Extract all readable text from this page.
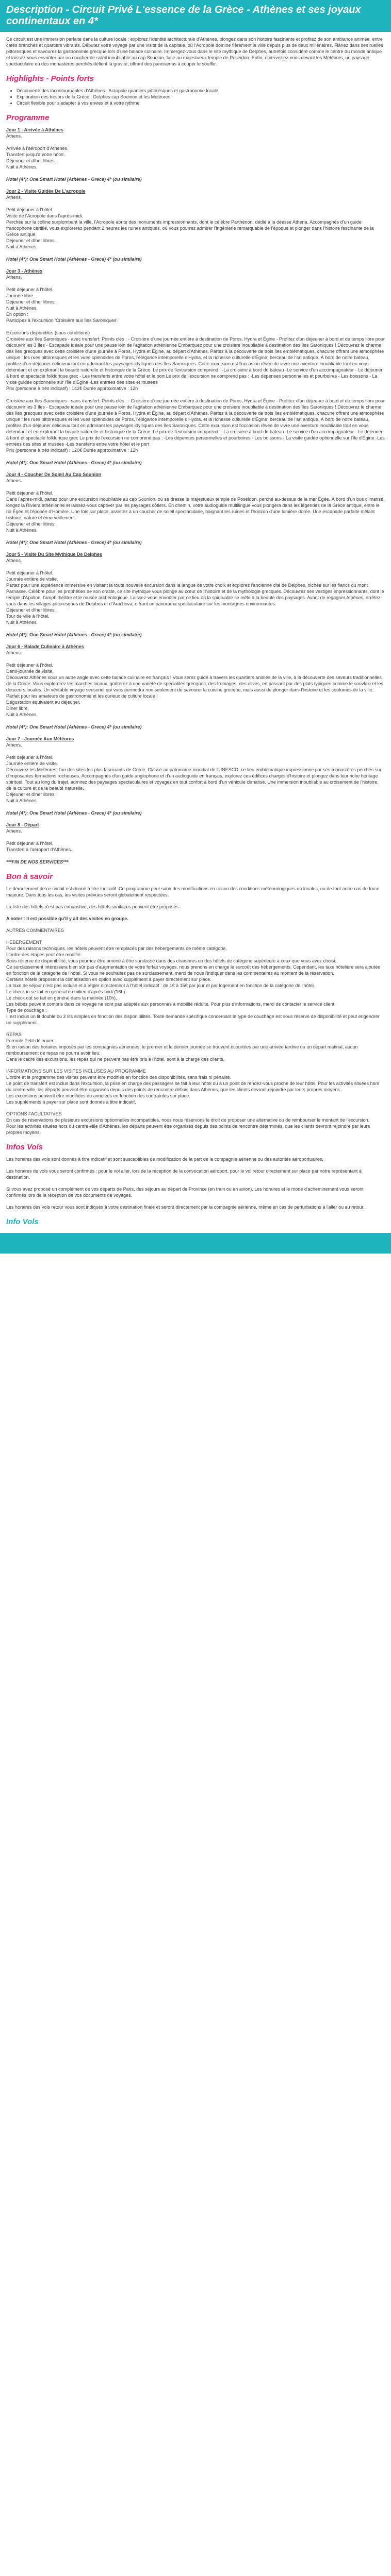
Description - Circuit Privé L'essence de la Grèce - Athènes et ses joyaux continentaux en 4*

Ce circuit est une immersion parfaite dans la culture locale : explorez l'identité architecturale d'Athènes, plongez dans son histoire fascinante et profitez de son ambiance animée, entre cafés branchés et quartiers vibrants. Débutez votre voyage par une visite de la capitale, où l'Acropole domine fièrement la ville depuis plus de deux millénaires. Flânez dans ses ruelles pittoresques et savourez la gastronomie grecque lors d'une balade culinaire. Immergez-vous dans le site mythique de Delphes, autrefois considéré comme le centre du monde antique et laissez-vous envoûter par un coucher de soleil inoubliable au cap Sounion, face au majestueux temple de Poséidon. Enfin, émerveillez-vous devant les Météores, un paysage spectaculaire où des monastères perchés défient la gravité, offrant des panoramas à couper le souffle.

Highlights - Points forts
• Découverte des incontournables d'Athènes : Acropole quartiers pittoresques et gastronomie locale
• Exploration des trésors de la Grèce : Delphes cap Sounion et les Météores
• Circuit flexible pour s'adapter à vos envies et à votre rythme.
Programme
Jour 1 - Arrivée à Athènes
Athens.

Arrivée à l'aéroport d'Athènes.
Transfert jusqu'à votre hôtel.
Déjeuner et dîner libres.
Nuit à Athènes.

Hotel (4*): One Smart Hotel (Athènes - Grece) 4* (ou similaire)
Jour 2 - Visite Guidée De L'acropole
Athens.

Petit déjeuner à l'hôtel.
Visite de l'Acropole dans l'après-midi.
Perchée sur la colline surplombant la ville, l'Acropole abrite des monuments impressionnants, dont le célèbre Parthénon, dédié à la déesse Athéna. Accompagnés d'un guide francophone certifié, vous explorerez pendant 2 heures les ruines antiques, où vous pourrez admirer l'ingénierie remarquable de l'époque et plonger dans l'histoire fascinante de la Grèce antique.
Déjeuner et dîner libres.
Nuit à Athènes.

Hotel (4*): One Smart Hotel (Athènes - Grece) 4* (ou similaire)
Jour 3 - Athènes
Athens.

Petit déjeuner à l'hôtel.
Journée libre.
Déjeuner et dîner libres.
Nuit à Athènes.
En option :
Participez à l'excursion 'Croisière aux îles Saroniques'.

Excursions disponibles (sous conditions)
Croisière aux îles Saroniques - avec transfert: Points clés : - Croisière d'une journée entière à destination de Poros, Hydra et Égine - Profitez d'un déjeuner à bord et de temps libre pour découvrir les 3 îles - Escapade idéale pour une pause loin de l'agitation athénienne Embarquez pour une croisière inoubliable à destination des îles Saroniques ! Découvrez le charme des îles grecques avec cette croisière d'une journée à Poros, Hydra et Égine, au départ d'Athènes. Partez à la découverte de trois îles emblématiques, chacune offrant une atmosphère unique : les rues pittoresques et les vues splendides de Poros, l'élégance intemporelle d'Hydra, et la richesse culturelle d'Égine, berceau de l'art antique. À bord de notre bateau, profitez d'un déjeuner délicieux tout en admirant les paysages idylliques des îles Saroniques. Cette excursion est l'occasion rêvée de vivre une aventure inoubliable tout en vous détendant et en explorant la beauté naturelle et historique de la Grèce. Le prix de l'excursion comprend : -La croisière à bord du bateau -Le service d'un accompagnateur - Le déjeuner à bord et spectacle folklorique grec - Les transferts entre votre hôtel et le port Le prix de l'excursion ne comprend pas : -Les dépenses personnelles et pourboires - Les boissons - La visite guidée optionnelle sur l'île d'Égine -Les entrées des sites et musées
Prix (personne à très indicatif) : 142€ Durée approximative : 12h

Croisière aux îles Saroniques - sans transfert: Points clés : - Croisière d'une journée entière à destination de Poros, Hydra et Égine - Profitez d'un déjeuner à bord et de temps libre pour découvrir les 3 îles - Escapade idéale pour une pause loin de l'agitation athénienne Embarquez pour une croisière inoubliable à destination des îles Saroniques ! Découvrez le charme des îles grecques avec cette croisière d'une journée à Poros, Hydra et Égine, au départ d'Athènes. Partez à la découverte de trois îles emblématiques, chacune offrant une atmosphère unique : les rues pittoresques et les vues splendides de Poros, l'élégance intemporelle d'Hydra, et la richesse culturelle d'Égine, berceau de l'art antique. À bord de notre bateau, profitez d'un déjeuner délicieux tout en admirant les paysages idylliques des îles Saroniques. Cette excursion est l'occasion rêvée de vivre une aventure inoubliable tout en vous détendant et en explorant la beauté naturelle et historique de la Grèce. Le prix de l'excursion comprend : -La croisière à bord du bateau -Le service d'un accompagnateur - Le déjeuner à bord et spectacle folklorique grec Le prix de l'excursion ne comprend pas : -Les dépenses personnelles et pourboires - Les boissons - La visite guidée optionnelle sur l'île d'Égine -Les entrées des sites et musées -Les transferts entre votre hôtel et le port
Prix (personne à très indicatif) : 120€ Durée approximative : 12h

Hotel (4*): One Smart Hotel (Athènes - Grece) 4* (ou similaire)
Jour 4 - Coucher De Soleil Au Cap Sounion
Athens.

Petit déjeuner à l'hôtel.
Dans l'après-midi, partez pour une excursion inoubliable au cap Sounion, où se dresse le majestueux temple de Poséidon, perché au-dessus de la mer Égée. À bord d'un bus climatisé, longez la Riviera athénienne et laissez-vous captiver par les paysages côtiers. En chemin, votre audioguide multilingue vous plongera dans les légendes de la Grèce antique, entre le roi Égée et l'épopée d'Homère. Une fois sur place, assistez à un coucher de soleil spectaculaire, baignant les ruines et l'horizon d'une lumière dorée. Une escapade parfaite mêlant histoire, nature et émerveillement.
Déjeuner et dîner libres.
Nuit à Athènes.

Hotel (4*): One Smart Hotel (Athènes - Grece) 4* (ou similaire)
Jour 5 - Visite Du Site Mythique De Delphes
Athens.

Petit déjeuner à l'hôtel.
Journée entière de visite.
Partez pour une expérience immersive en visitant la toute nouvelle excursion dans la langue de votre choix et explorez l'ancienne cité de Delphes, nichée sur les flancs du mont Parnasse. Célèbre pour les prophéties de son oracle, ce site mythique vous plonge au cœur de l'histoire et de la mythologie grecques. Découvrez ses vestiges impressionnants, dont le temple d'Apollon, l'amphithéâtre et le musée archéologique. Laissez-vous envoûter par ce lieu où la spiritualité se mêle à la beauté des paysages. Avant de regagner Athènes, arrêtez-vous dans les villages pittoresques de Delphes et d'Arachova, offrant un panorama spectaculaire sur les montagnes environnantes.
Déjeuner et dîner libres.
Tour de ville à l'hôtel.
Nuit à Athènes.

Hotel (4*): One Smart Hotel (Athènes - Grece) 4* (ou similaire)
Jour 6 - Balade Culinaire à Athènes
Athens.

Petit déjeuner à l'hôtel.
Demi-journée de visite.
Découvrez Athènes sous un autre angle avec cette balade culinaire en français ! Vous serez guidé à travers les quartiers animés de la ville, à la découverte des saveurs traditionnelles de la Grèce. Vous explorerez les marchés locaux, goûterez à une variété de spécialités grecques, des fromages, des olives, en passant par des plats typiques comme le souvlaki et les douceurs locales. Un véritable voyage sensoriel qui vous permettra non seulement de savourer la cuisine grecque, mais aussi de plonger dans l'histoire et les coutumes de la ville. Parfait pour les amateurs de gastronomie et les curieux de culture locale !
Dégustation équivalent au déjeuner.
Dîner libre.
Nuit à Athènes.

Hotel (4*): One Smart Hotel (Athènes - Grece) 4* (ou similaire)
Jour 7 - Journée Aux Météores
Athens.

Petit déjeuner à l'hôtel.
Journée entière de visite.
Découvrez les Météores, l'un des sites les plus fascinants de Grèce. Classé au patrimoine mondial de l'UNESCO, ce lieu emblématique impressionne par ses monastères perchés sur d'imposantes formations rocheuses. Accompagnés d'un guide anglophone et d'un audioguide en français, explorez ces édifices chargés d'histoire et plongez dans leur riche héritage spirituel. Tout au long du trajet, admirez des paysages spectaculaires et voyagez en tout confort à bord d'un véhicule climatisé. Une immersion inoubliable au croisement de l'histoire, de la culture et de la beauté naturelle.
Déjeuner et dîner libres.
Nuit à Athènes.

Hotel (4*): One Smart Hotel (Athènes - Grece) 4* (ou similaire)
Jour 8 - Départ
Athens.

Petit déjeuner à l'hôtel.
Transfert à l'aéroport d'Athènes.

***FIN DE NOS SERVICES***
Bon à savoir

Le déroulement de ce circuit est donné à titre indicatif. Ce programme peut subir des modifications en raison des conditions météorologiques ou locales, ou de tout autre cas de force majeure. Dans tous les cas, les visites prévues seront globalement respectées.

La liste des hôtels n'est pas exhaustive, des hôtels similaires peuvent être proposés.

A noter : Il est possible qu'il y ait des visites en groupe.

AUTRES COMMENTAIRES
HEBERGEMENT
Pour des raisons techniques, les hôtels peuvent être remplacés par des hébergements de même catégorie.
L'ordre des étapes peut être modifié.
Sous réserve de disponibilité, vous pourriez être amené à être surclassé dans des chambres ou des hôtels de catégorie supérieure à ceux que vous avez choisi.
Ce surclassement intéressera bien sûr pas d'augmentation de votre forfait voyages, nous prenons en charge le surcoût des hébergements. Cependant, les taxe hôtelière sera ajoutée en fonction de la catégorie de l'hôtel. Si vous ne souhaitez pas de surclassement, merci de nous l'indiquer dans les commentaires au moment de la réservation.
Certains hôtels proposent la climatisation en option avec supplément à payer directement sur place.
La taxe de séjour n'est pas incluse et à régler directement à l'hôtel indicatif : de 1€ à 15€ par jour et par logement en fonction de la catégorie de l'hôtel.
Le check in se fait en général en milieu d'après-midi (16h).
Le check out se fait en général dans la matinée (10h).
Les bébés peuvent compris dans ce voyage ne sont pas adaptés aux personnes à mobilité réduite. Pour plus d'informations, merci de contacter le service client.
Type de couchage :
Il est inclus un lit double ou 2 lits simples en fonction des disponibilités. Toute demande spécifique concernant le type de couchage est sous réserve de disponibilité et peut engendrer un supplément.
REPAS
Formule Petit-déjeuner.
Si en raison des horaires imposés par les compagnies aériennes, le premier et le dernier journée se trouvent écourtées par une arrivée tardive ou un départ matinal, aucun remboursement de repas ne pourra avoir lieu.
Dans le cadre des excursions, les repas qui ne peuvent pas être pris à l'hôtel, sont à la charge des clients.
INFORMATIONS SUR LES VISITES INCLUSES AU PROGRAMME
L'ordre et le programme des visites peuvent être modifiés en fonction des disponibilités, sans frais ni pénalité.
Le point de transfert est inclus dans l'excursion, la prise en charge des passagers se fait à leur hôtel ou à un point de rendez-vous proche de leur hôtel. Pour les activités situées hors du centre-ville, les départs peuvent être organisés depuis des points de rencontre définis dans Athènes, que les clients devront rejoindre par leurs propres moyens.
Les excursions peuvent être modifiées ou annulées en fonction des contraintes sur place.
Les suppléments à payer sur place sont donnés à titre indicatif.
OPTIONS FACULTATIVES
En cas de réservations de plusieurs excursions optionnelles incompatibles, nous nous réservons le droit de proposer une alternative ou de rembourser le montant de l'excursion.
Pour les activités situées hors du centre-ville d'Athènes, les départs peuvent être organisés depuis des points de rencontre déterminés, que les clients devront rejoindre par leurs propres moyens.
Infos Vols

Les horaires des vols sont donnés à titre indicatif et sont susceptibles de modification de la part de la compagnie aérienne ou des autorités aéroportuaires.

Les horaires de vols vous seront confirmés : pour le vol aller, lors de la réception de la convocation aéroport, pour le vol retour directement sur place par notre représentant à destination.

Si vous avez proposé un complément de vos départs de Paris, des séjours au départ de Province (en train ou en avion). Les horaires et le mode d'acheminement vous seront confirmés lors de la réception de vos documents de voyages.

Les horaires des vols retour vous sont indiqués à votre destination finale et seront directement par la compagnie aérienne, même en cas de perturbations à l'aller ou au retour.

Info Vols
